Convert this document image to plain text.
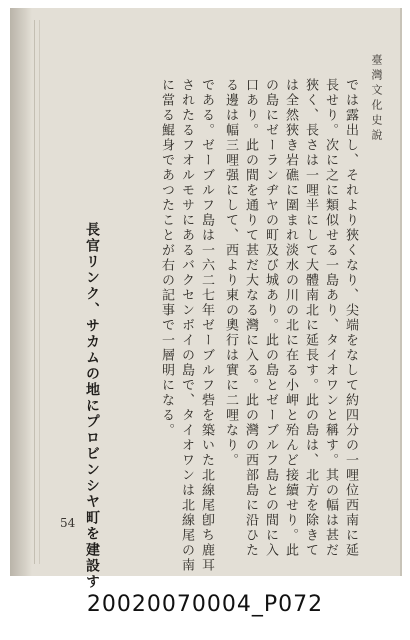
臺灣文化史說
では露出し、それより狹くなり、尖端をなして約四分の一哩位西南に延
長せり。次に之に類似せる一島あり、タイオワンと稱す。其の幅は甚だ
狹く、長さは一哩半にして大體南北に延長す。此の島は、北方を除きて
は全然狹き岩礁に圍まれ淡水の川の北に在る小岬と殆んど接續せり。此
の島にゼーランヂヤの町及び城あり。此の島とゼーブルフ島との間に入
口あり。此の間を通りて甚だ大なる灣に入る。此の灣の西部島に沿ひた
る邊は幅三哩强にして、西より東の奧行は實に二哩なり。
である。ゼーブルフ島は一六二七年ゼーブルフ砦を築いた北線尾卽ち鹿耳
されたるフオルモサにあるバクセンボイの島で、タイオワンは北線尾の南
に當る鯤身であつたことが右の記事で一層明になる。
長官リンク、サカムの地にプロビンシヤ町を建設す
54
20020070004_P072
